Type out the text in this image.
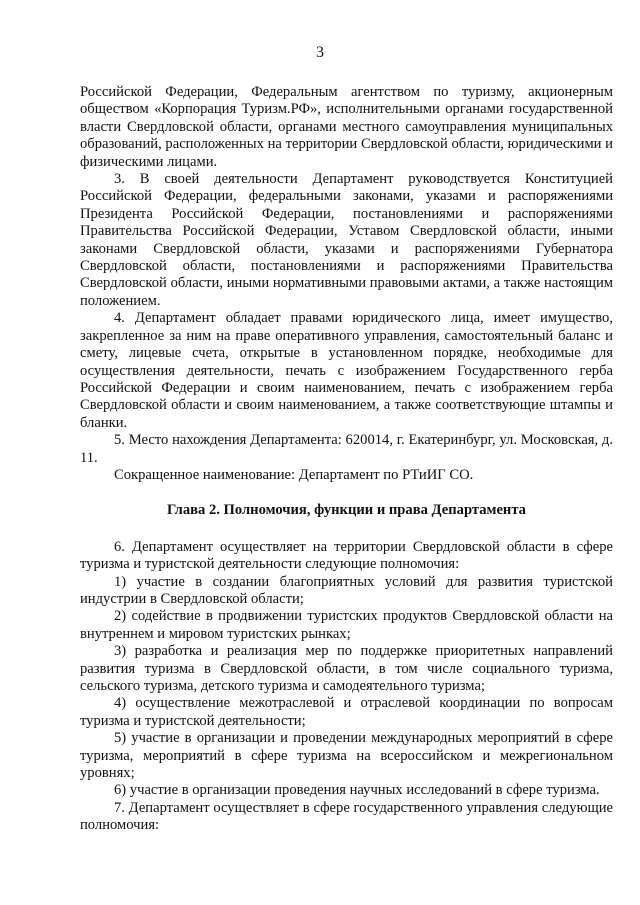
3

Российской Федерации, Федеральным агентством по туризму, акционерным обществом «Корпорация Туризм.РФ», исполнительными органами государственной власти Свердловской области, органами местного самоуправления муниципальных образований, расположенных на территории Свердловской области, юридическими и физическими лицами.

3. В своей деятельности Департамент руководствуется Конституцией Российской Федерации, федеральными законами, указами и распоряжениями Президента Российской Федерации, постановлениями и распоряжениями Правительства Российской Федерации, Уставом Свердловской области, иными законами Свердловской области, указами и распоряжениями Губернатора Свердловской области, постановлениями и распоряжениями Правительства Свердловской области, иными нормативными правовыми актами, а также настоящим положением.

4. Департамент обладает правами юридического лица, имеет имущество, закрепленное за ним на праве оперативного управления, самостоятельный баланс и смету, лицевые счета, открытые в установленном порядке, необходимые для осуществления деятельности, печать с изображением Государственного герба Российской Федерации и своим наименованием, печать с изображением герба Свердловской области и своим наименованием, а также соответствующие штампы и бланки.

5. Место нахождения Департамента: 620014, г. Екатеринбург, ул. Московская, д. 11.

Сокращенное наименование: Департамент по РТиИГ СО.

Глава 2. Полномочия, функции и права Департамента

6. Департамент осуществляет на территории Свердловской области в сфере туризма и туристской деятельности следующие полномочия:

1) участие в создании благоприятных условий для развития туристской индустрии в Свердловской области;

2) содействие в продвижении туристских продуктов Свердловской области на внутреннем и мировом туристских рынках;

3) разработка и реализация мер по поддержке приоритетных направлений развития туризма в Свердловской области, в том числе социального туризма, сельского туризма, детского туризма и самодеятельного туризма;

4) осуществление межотраслевой и отраслевой координации по вопросам туризма и туристской деятельности;

5) участие в организации и проведении международных мероприятий в сфере туризма, мероприятий в сфере туризма на всероссийском и межрегиональном уровнях;

6) участие в организации проведения научных исследований в сфере туризма.

7. Департамент осуществляет в сфере государственного управления следующие полномочия:
